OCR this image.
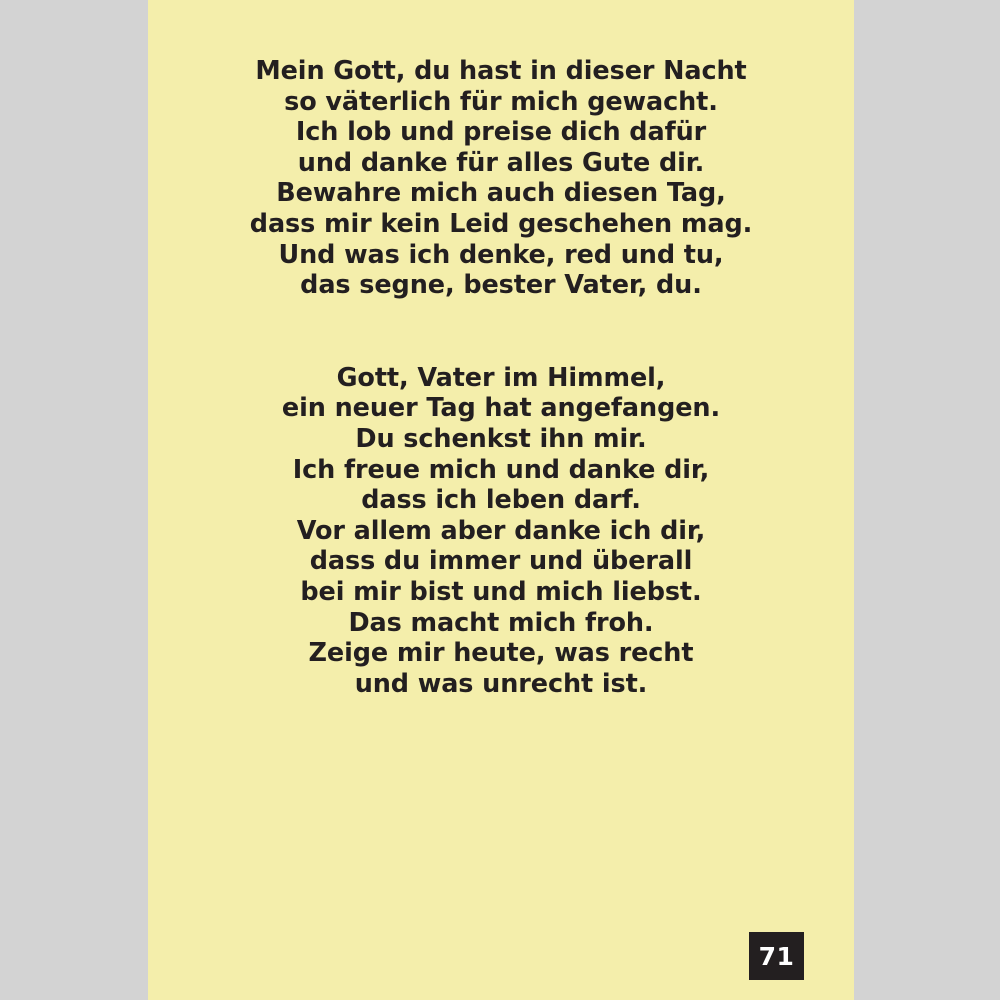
Mein Gott, du hast in dieser Nacht
so väterlich für mich gewacht.
Ich lob und preise dich dafür
und danke für alles Gute dir.
Bewahre mich auch diesen Tag,
dass mir kein Leid geschehen mag.
Und was ich denke, red und tu,
das segne, bester Vater, du.
Gott, Vater im Himmel,
ein neuer Tag hat angefangen.
Du schenkst ihn mir.
Ich freue mich und danke dir,
dass ich leben darf.
Vor allem aber danke ich dir,
dass du immer und überall
bei mir bist und mich liebst.
Das macht mich froh.
Zeige mir heute, was recht
und was unrecht ist.
71
